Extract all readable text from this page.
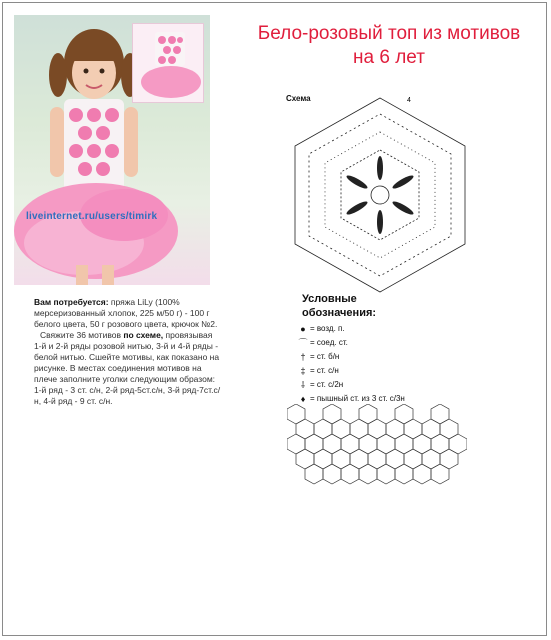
liveinternet.ru/users/timirk
Бело-розовый топ из мотивов
на 6 лет
Схема	4
Условные
обозначения:
● = возд. п.
⌒ = соед. ст.
† = ст. б/н
‡ = ст. с/н
⸸ = ст. с/2н
♦ = пышный ст. из 3 ст. с/3н

Вам потребуется: пряжа LiLy (100% мерсеризованный хлопок, 225 м/50 г) - 100 г белого цвета, 50 г розового цвета, крючок №2.

Свяжите 36 мотивов по схеме, провязывая 1-й и 2-й ряды розовой нитью, 3-й и 4-й ряды - белой нитью. Сшейте мотивы, как показано на рисунке. В местах соединения мотивов на плече заполните уголки следующим образом: 1-й ряд - 3 ст. с/н, 2-й ряд-5ст.с/н, 3-й ряд-7ст.с/н, 4-й ряд - 9 ст. с/н.
